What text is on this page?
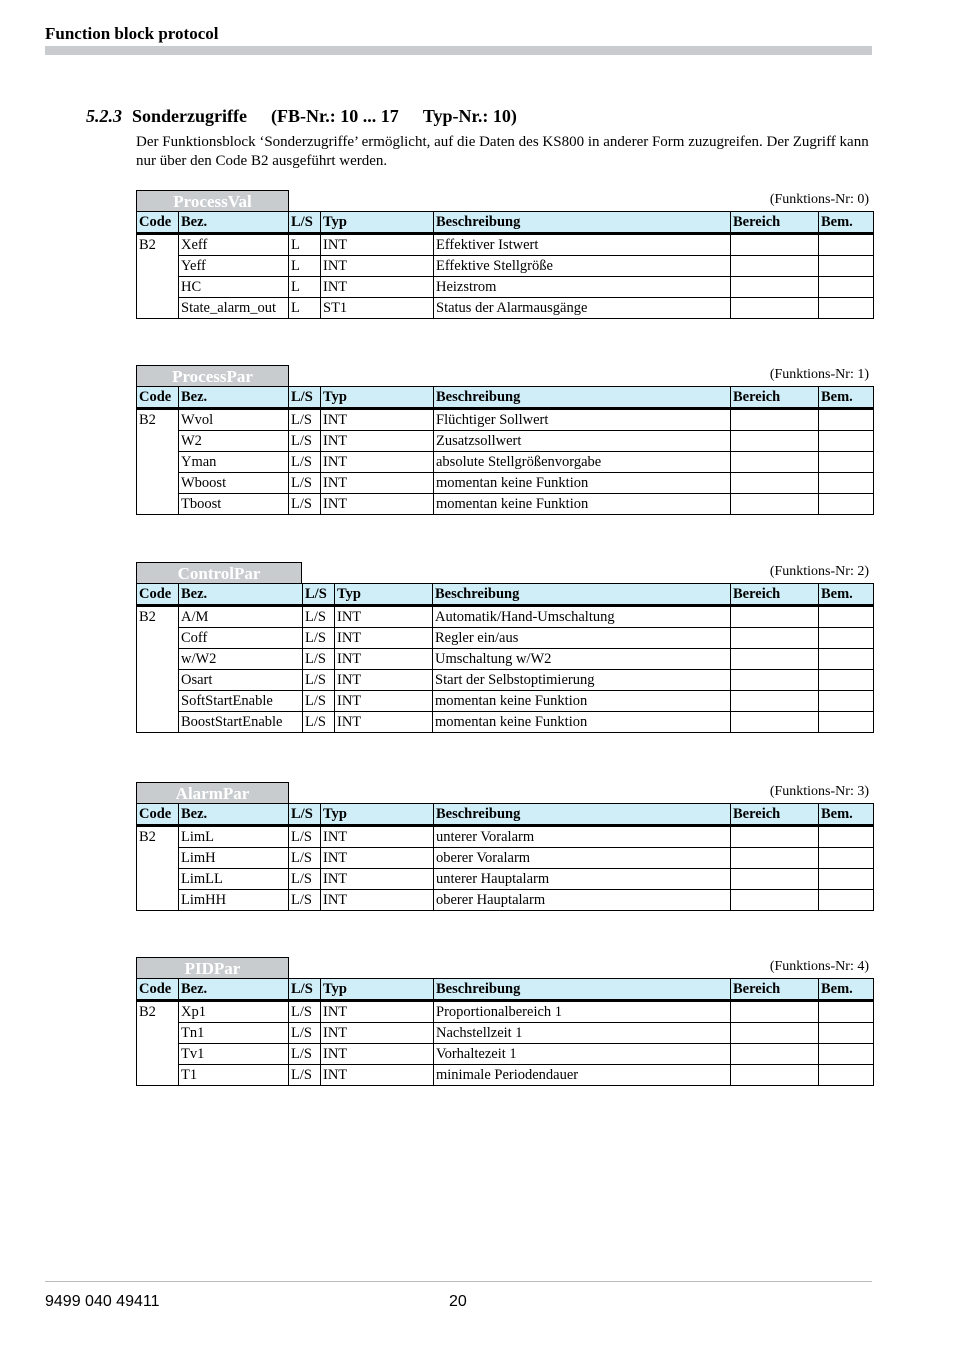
Function block protocol
5.2.3 Sonderzugriffe (FB-Nr.: 10 ... 17 Typ-Nr.: 10)
Der Funktionsblock ‘Sonderzugriffe’ ermöglicht, auf die Daten des KS800 in anderer Form zuzugreifen. Der Zugriff kann nur über den Code B2 ausgeführt werden.
ProcessVal	(Funktions-Nr: 0)
Code	Bez.	L/S	Typ	Beschreibung	Bereich	Bem.
B2	Xeff	L	INT	Effektiver Istwert		
	Yeff	L	INT	Effektive Stellgröße		
	HC	L	INT	Heizstrom		
	State_alarm_out	L	ST1	Status der Alarmausgänge		
ProcessPar	(Funktions-Nr: 1)
Code	Bez.	L/S	Typ	Beschreibung	Bereich	Bem.
B2	Wvol	L/S	INT	Flüchtiger Sollwert		
	W2	L/S	INT	Zusatzsollwert		
	Yman	L/S	INT	absolute Stellgrößenvorgabe		
	Wboost	L/S	INT	momentan keine Funktion		
	Tboost	L/S	INT	momentan keine Funktion		
ControlPar	(Funktions-Nr: 2)
Code	Bez.	L/S	Typ	Beschreibung	Bereich	Bem.
B2	A/M	L/S	INT	Automatik/Hand-Umschaltung		
	Coff	L/S	INT	Regler ein/aus		
	w/W2	L/S	INT	Umschaltung w/W2		
	Osart	L/S	INT	Start der Selbstoptimierung		
	SoftStartEnable	L/S	INT	momentan keine Funktion		
	BoostStartEnable	L/S	INT	momentan keine Funktion		
AlarmPar	(Funktions-Nr: 3)
Code	Bez.	L/S	Typ	Beschreibung	Bereich	Bem.
B2	LimL	L/S	INT	unterer Voralarm		
	LimH	L/S	INT	oberer Voralarm		
	LimLL	L/S	INT	unterer Hauptalarm		
	LimHH	L/S	INT	oberer Hauptalarm		
PIDPar	(Funktions-Nr: 4)
Code	Bez.	L/S	Typ	Beschreibung	Bereich	Bem.
B2	Xp1	L/S	INT	Proportionalbereich 1		
	Tn1	L/S	INT	Nachstellzeit 1		
	Tv1	L/S	INT	Vorhaltezeit 1		
	T1	L/S	INT	minimale Periodendauer		
9499 040 49411	20
